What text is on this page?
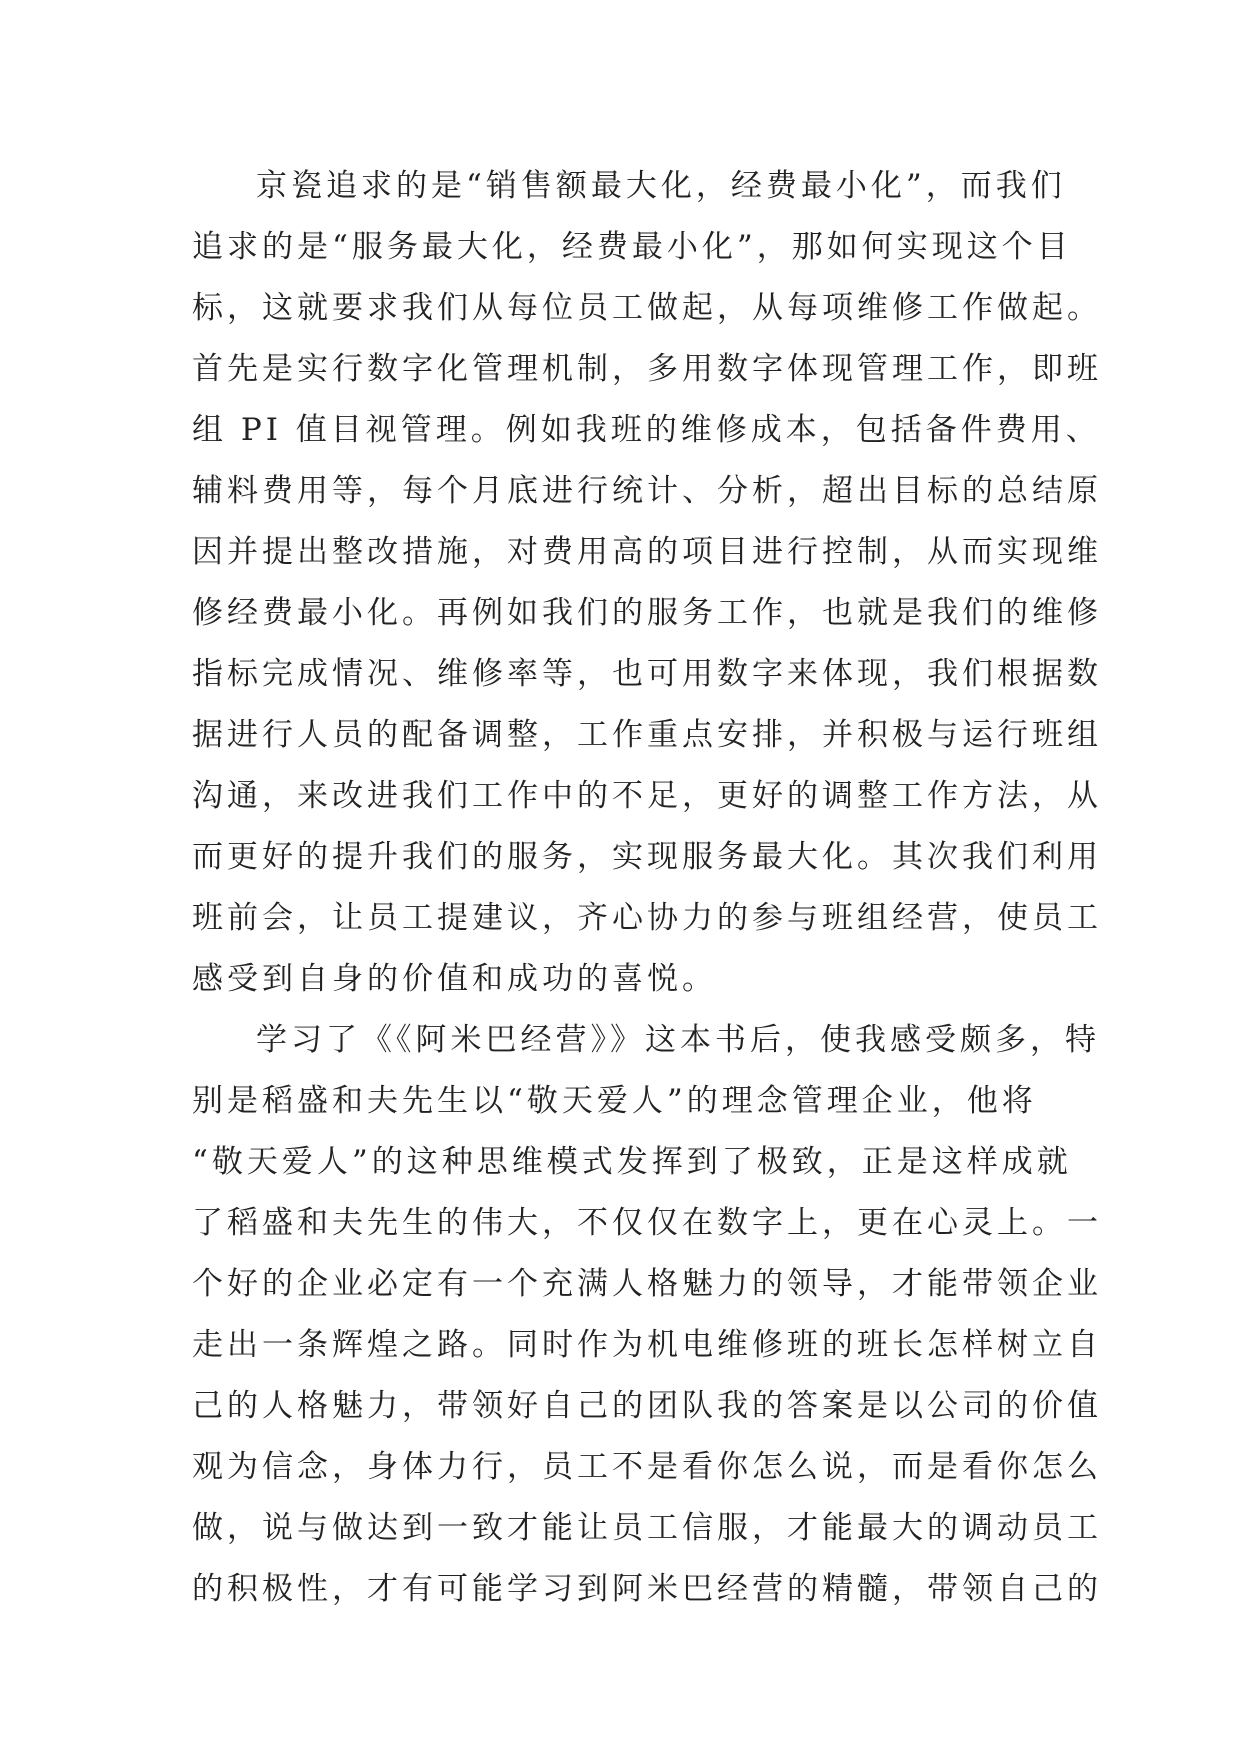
京瓷追求的是“销售额最大化，经费最小化”，而我们
追求的是“服务最大化，经费最小化”，那如何实现这个目
标，这就要求我们从每位员工做起，从每项维修工作做起。
首先是实行数字化管理机制，多用数字体现管理工作，即班
组 PI 值目视管理。例如我班的维修成本，包括备件费用、
辅料费用等，每个月底进行统计、分析，超出目标的总结原
因并提出整改措施，对费用高的项目进行控制，从而实现维
修经费最小化。再例如我们的服务工作，也就是我们的维修
指标完成情况、维修率等，也可用数字来体现，我们根据数
据进行人员的配备调整，工作重点安排，并积极与运行班组
沟通，来改进我们工作中的不足，更好的调整工作方法，从
而更好的提升我们的服务，实现服务最大化。其次我们利用
班前会，让员工提建议，齐心协力的参与班组经营，使员工
感受到自身的价值和成功的喜悦。
学习了《《阿米巴经营》》这本书后，使我感受颇多，特
别是稻盛和夫先生以“敬天爱人”的理念管理企业，他将
“敬天爱人”的这种思维模式发挥到了极致，正是这样成就
了稻盛和夫先生的伟大，不仅仅在数字上，更在心灵上。一
个好的企业必定有一个充满人格魅力的领导，才能带领企业
走出一条辉煌之路。同时作为机电维修班的班长怎样树立自
己的人格魅力，带领好自己的团队我的答案是以公司的价值
观为信念，身体力行，员工不是看你怎么说，而是看你怎么
做，说与做达到一致才能让员工信服，才能最大的调动员工
的积极性，才有可能学习到阿米巴经营的精髓，带领自己的
